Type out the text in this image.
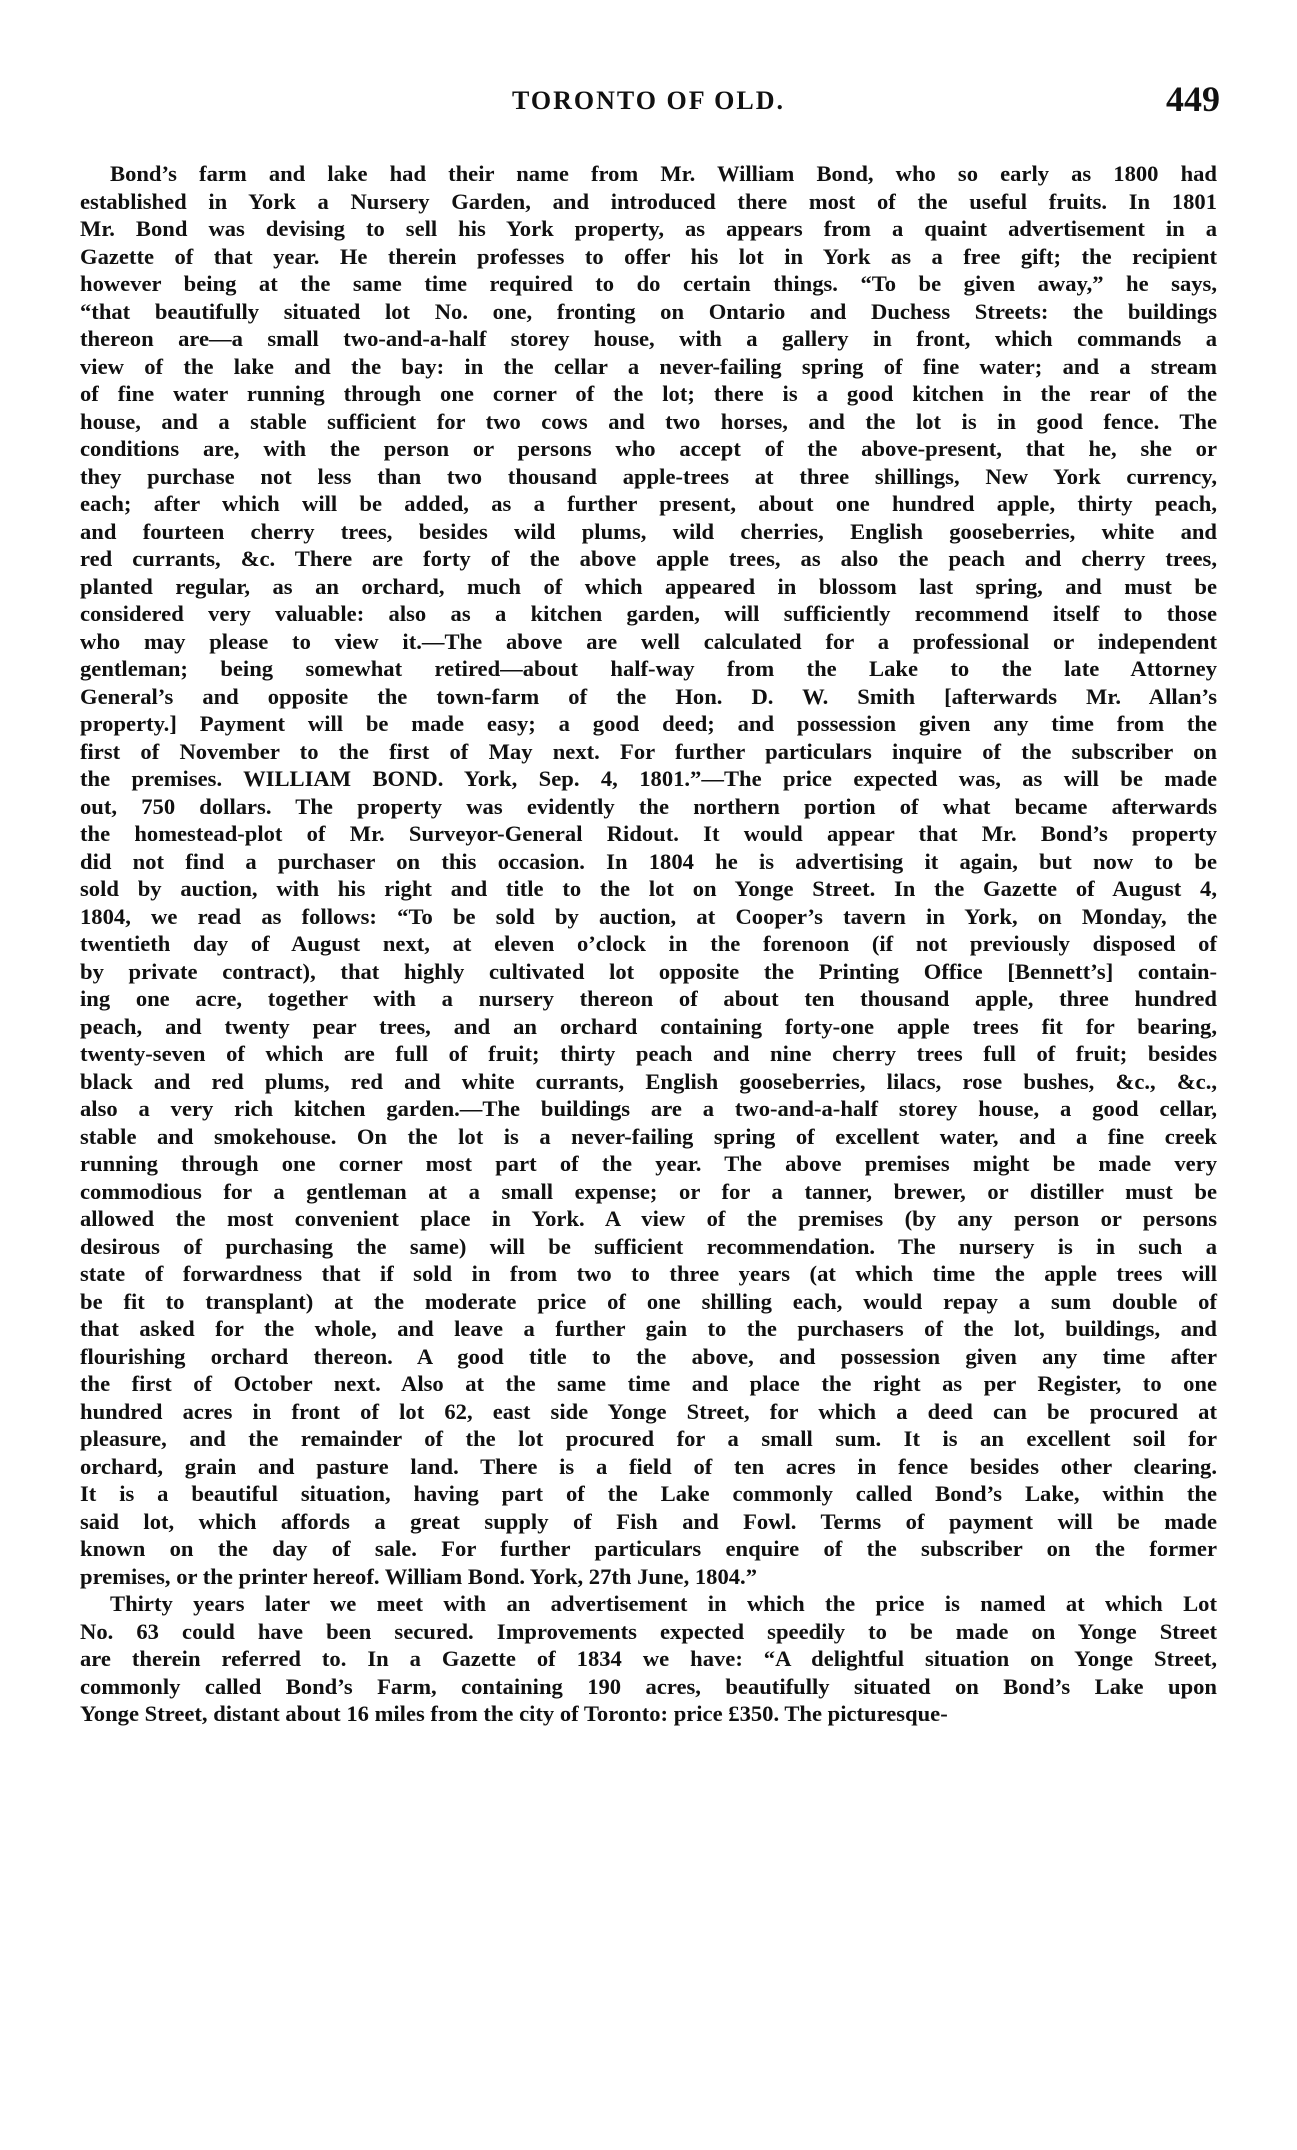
TORONTO OF OLD.	449
Bond’s farm and lake had their name from Mr. William Bond, who so early as 1800 had
established in York a Nursery Garden, and introduced there most of the useful fruits. In 1801
Mr. Bond was devising to sell his York property, as appears from a quaint advertisement in a
Gazette of that year. He therein professes to offer his lot in York as a free gift; the recipient
however being at the same time required to do certain things. “To be given away,” he says,
“that beautifully situated lot No. one, fronting on Ontario and Duchess Streets: the buildings
thereon are—a small two-and-a-half storey house, with a gallery in front, which commands a
view of the lake and the bay: in the cellar a never-failing spring of fine water; and a stream
of fine water running through one corner of the lot; there is a good kitchen in the rear of the
house, and a stable sufficient for two cows and two horses, and the lot is in good fence. The
conditions are, with the person or persons who accept of the above-present, that he, she or
they purchase not less than two thousand apple-trees at three shillings, New York currency,
each; after which will be added, as a further present, about one hundred apple, thirty peach,
and fourteen cherry trees, besides wild plums, wild cherries, English gooseberries, white and
red currants, &c. There are forty of the above apple trees, as also the peach and cherry trees,
planted regular, as an orchard, much of which appeared in blossom last spring, and must be
considered very valuable: also as a kitchen garden, will sufficiently recommend itself to those
who may please to view it.—The above are well calculated for a professional or independent
gentleman; being somewhat retired—about half-way from the Lake to the late Attorney
General’s and opposite the town-farm of the Hon. D. W. Smith [afterwards Mr. Allan’s
property.] Payment will be made easy; a good deed; and possession given any time from the
first of November to the first of May next. For further particulars inquire of the subscriber on
the premises. WILLIAM BOND. York, Sep. 4, 1801.”—The price expected was, as will be made
out, 750 dollars. The property was evidently the northern portion of what became afterwards
the homestead-plot of Mr. Surveyor-General Ridout. It would appear that Mr. Bond’s property
did not find a purchaser on this occasion. In 1804 he is advertising it again, but now to be
sold by auction, with his right and title to the lot on Yonge Street. In the Gazette of August 4,
1804, we read as follows: “To be sold by auction, at Cooper’s tavern in York, on Monday, the
twentieth day of August next, at eleven o’clock in the forenoon (if not previously disposed of
by private contract), that highly cultivated lot opposite the Printing Office [Bennett’s] contain-
ing one acre, together with a nursery thereon of about ten thousand apple, three hundred
peach, and twenty pear trees, and an orchard containing forty-one apple trees fit for bearing,
twenty-seven of which are full of fruit; thirty peach and nine cherry trees full of fruit; besides
black and red plums, red and white currants, English gooseberries, lilacs, rose bushes, &c., &c.,
also a very rich kitchen garden.—The buildings are a two-and-a-half storey house, a good cellar,
stable and smokehouse. On the lot is a never-failing spring of excellent water, and a fine creek
running through one corner most part of the year. The above premises might be made very
commodious for a gentleman at a small expense; or for a tanner, brewer, or distiller must be
allowed the most convenient place in York. A view of the premises (by any person or persons
desirous of purchasing the same) will be sufficient recommendation. The nursery is in such a
state of forwardness that if sold in from two to three years (at which time the apple trees will
be fit to transplant) at the moderate price of one shilling each, would repay a sum double of
that asked for the whole, and leave a further gain to the purchasers of the lot, buildings, and
flourishing orchard thereon. A good title to the above, and possession given any time after
the first of October next. Also at the same time and place the right as per Register, to one
hundred acres in front of lot 62, east side Yonge Street, for which a deed can be procured at
pleasure, and the remainder of the lot procured for a small sum. It is an excellent soil for
orchard, grain and pasture land. There is a field of ten acres in fence besides other clearing.
It is a beautiful situation, having part of the Lake commonly called Bond’s Lake, within the
said lot, which affords a great supply of Fish and Fowl. Terms of payment will be made
known on the day of sale. For further particulars enquire of the subscriber on the former
premises, or the printer hereof. William Bond. York, 27th June, 1804.”
Thirty years later we meet with an advertisement in which the price is named at which Lot
No. 63 could have been secured. Improvements expected speedily to be made on Yonge Street
are therein referred to. In a Gazette of 1834 we have: “A delightful situation on Yonge Street,
commonly called Bond’s Farm, containing 190 acres, beautifully situated on Bond’s Lake upon
Yonge Street, distant about 16 miles from the city of Toronto: price £350. The picturesque-
